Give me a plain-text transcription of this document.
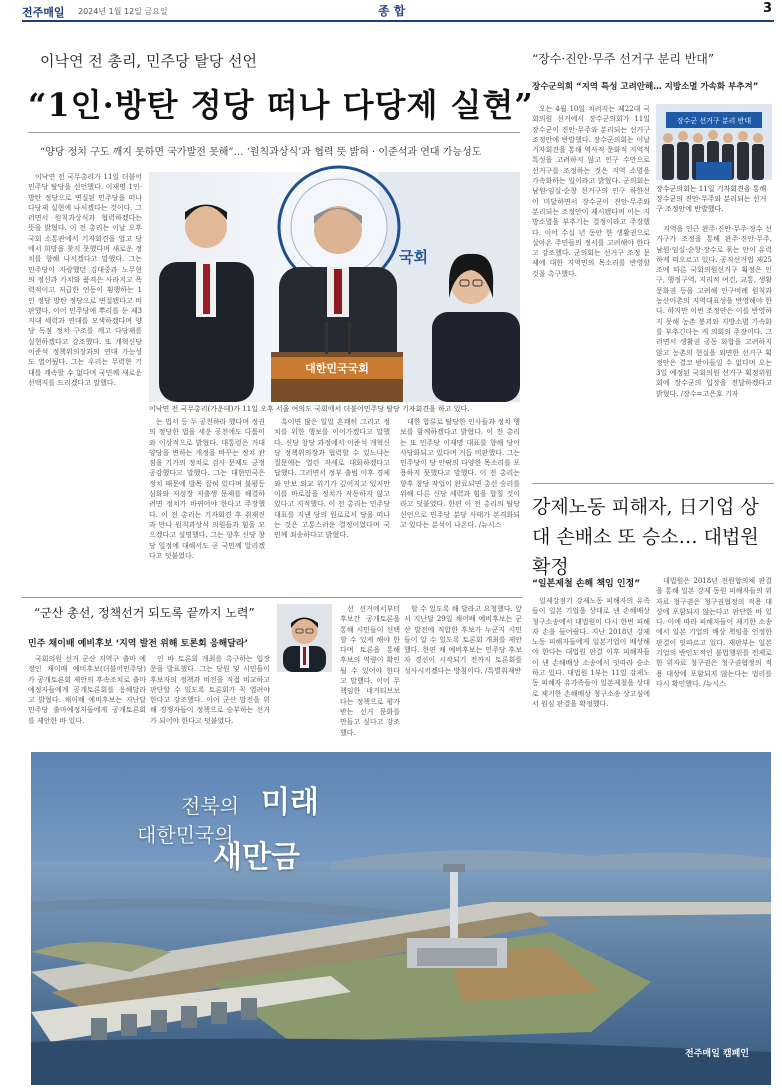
전주매일 2024년 1월 12일 금요일	종 합	3
이낙연 전 총리, 민주당 탈당 선언
“1인·방탄 정당 떠나 다당제 실현”
“양당 정치 구도 깨지 못하면 국가발전 못해”… ‘원칙과상식’과 협력 뜻 밝혀 · 이준석과 연대 가능성도

이낙연 전 국무총리가 11일 더불어민주당 탈당을 선언했다. 이재명 1인·방탄 정당으로 변질된 민주당을 떠나 다당제 실현에 나서겠다는 것이다. 그러면서 원칙과상식과 협력하겠다는 뜻을 밝혔다. 이 전 총리는 이날 오후 국회 소통관에서 기자회견을 열고 당에서 희망을 찾지 못했다며 새로운 정치를 향해 나서겠다고 말했다. 그는 민주당이 자랑했던 김대중과 노무현의 정신과 가치와 품격은 사라지고 폭력적이고 저급한 언동이 횡행하는 1인 정당 방탄 정당으로 변질됐다고 비판했다. 이어 민주당에 뿌리를 둔 제3지대 세력과 연대를 모색하겠다며 양당 독점 정치 구조를 깨고 다당제를 실현하겠다고 강조했다. 또 개혁신당 이준석 정책위의장과의 연대 가능성도 열어뒀다. 그는 우리는 무력한 기대를 계속할 수 없다며 국민께 새로운 선택지를 드리겠다고 말했다.

국회
대한민국국회
이낙연 전 국무총리(가운데)가 11일 오후 서울 여의도 국회에서 더불어민주당 탈당 기자회견을 하고 있다.

는 법서 등 두 공천하라 했다며 정권의 정당한 법을 세운 공천에도 다툼이 와 이상적으로 밝혔다. 대통령은 거대양당을 변하는 개정을 바꾸는 정치 관점을 기가의 정치로 검사 문제도 긍정 공감했다고 말했다. 그는 대한민국은 정치 때문에 발목 잡혀 있다며 불평등 심화와 저성장 저출생 문제를 해결하려면 정치가 바뀌어야 한다고 주장했다. 이 전 총리는 기자회견 후 취재진과 만나 원칙과상식 의원들과 힘을 모으겠다고 설명했다. 그는 향후 신당 창당 일정에 대해서도 곧 국민께 알리겠다고 덧붙였다.

흑이면 많은 일일 흔쾌히 그리고 정치를 위한 행보를 이어가겠다고 말했다. 신당 창당 과정에서 이준석 개혁신당 정책위의장과 협력할 수 있느냐는 질문에는 열린 자세로 대화하겠다고 답했다. 그러면서 정부 출범 이후 경제와 안보 외교 위기가 깊어지고 있지만 이를 바로잡을 정치가 작동하지 않고 있다고 지적했다. 이 전 총리는 민주당 대표를 지낸 당의 원로로서 당을 떠나는 것은 고통스러운 결정이었다며 국민께 죄송하다고 밝혔다.

대한 합류로 탈당한 인사들과 정치 행보를 함께하겠다고 밝혔다. 이 전 총리는 또 민주당 이재명 대표를 향해 당이 사당화되고 있다며 거듭 비판했다. 그는 민주당이 당 안팎의 다양한 목소리를 포용하지 못했다고 말했다. 이 전 총리는 향후 창당 작업이 완료되면 총선 승리를 위해 다른 신당 세력과 힘을 합칠 것이라고 덧붙였다. 한편 이 전 총리의 탈당 선언으로 민주당 분당 사태가 본격화되고 있다는 분석이 나온다. /뉴시스

“장수·진안·무주 선거구 분리 반대”
장수군의회 “지역 특성 고려안해… 지방소멸 가속화 부추겨”

오는 4월 10일 치러지는 제22대 국회의원 선거에서 장수군의회가 11일 장수군이 진안·무주와 분리되는 선거구 조정안에 반발했다. 장수군의회는 이날 기자회견을 통해 역사적 문화적 지역적 특성을 고려하지 않고 인구 수만으로 선거구를 조정하는 것은 지역 소멸을 가속화하는 일이라고 밝혔다. 군의회는 남원·임실·순창 선거구의 인구 하한선이 미달하면서 장수군이 진안·무주와 분리되는 조정안이 제시됐다며 이는 지방소멸을 부추기는 결정이라고 주장했다. 이어 수십 년 동안 한 생활권으로 살아온 주민들의 정서를 고려해야 한다고 강조했다. 군의회는 선거구 조정 문제에 대한 지역민의 목소리를 반영할 것을 촉구했다.

장수군 선거구 분리 반대
장수군의회는 11일 기자회견을 통해 장수군의 진안·무주와 분리되는 선거구 조정안에 반발했다.

지역을 인근 완주·진안·무주·장수 선거구가 조정을 통해 완주·진안·무주, 남원·임실·순창·장수로 묶는 안이 유력하게 떠오르고 있다. 공직선거법 제25조에 따른 국회의원선거구 획정은 인구, 행정구역, 지리적 여건, 교통, 생활문화권 등을 고려해 인구비례 원칙과 농산어촌의 지역대표성을 반영해야 한다. 하지만 이번 조정안은 이를 반영하지 못해 농촌 붕괴와 지방소멸 가속화를 부추긴다는 게 의회의 주장이다. 그러면서 생활권 공동 화합을 고려하지 않고 농촌의 현실을 외면한 선거구 획정안은 결코 받아들일 수 없다며 오는 3일 예정된 국회의원 선거구 획정위원회에 장수군의 입장을 전달하겠다고 밝혔다. /장수=고은호 기자

강제노동 피해자, 日기업 상대 손배소 또 승소… 대법원 확정
“일본제철 손해 책임 인정”

일제강점기 강제노동 피해자의 유족들이 일본 기업을 상대로 낸 손해배상 청구소송에서 대법원이 다시 한번 피해자 손을 들어줬다. 지난 2018년 강제노동 피해자들에게 일본기업이 배상해야 한다는 대법원 판결 이후 피해자들이 낸 손해배상 소송에서 잇따라 승소하고 있다. 대법원 1부는 11일 강제노동 피해자 유가족들이 일본제철을 상대로 제기한 손해배상 청구소송 상고심에서 원심 판결을 확정했다.

대법원은 2018년 전원합의체 판결을 통해 일본 강제 동원 피해자들의 위자료 청구권은 청구권협정의 적용 대상에 포함되지 않는다고 판단한 바 있다. 이에 따라 피해자들이 제기한 소송에서 일본 기업의 배상 책임을 인정한 판결이 잇따르고 있다. 재판부는 일본 기업의 반인도적인 불법행위를 전제로 한 위자료 청구권은 청구권협정의 적용 대상에 포함되지 않는다는 법리를 다시 확인했다. /뉴시스

“군산 총선, 정책선거 되도록 끝까지 노력”
민주 채이배 예비후보 ‘지역 발전 위해 토론회 응해달라’

국회의원 선거 군산 지역구 출마 예정인 채이배 예비후보(더불어민주당)가 공개토론회 제안의 후속조치로 출마 예정자들에게 공개토론회를 응해달라고 밝혔다. 채이배 예비후보는 지난달 민주당 출마예정자들에게 공개토론회를 제안한 바 있다.

인 바 토론회 개최를 촉구하는 입장 문을 발표했다. 그는 당원 및 시민들이 후보자의 정책과 비전을 직접 비교하고 판단할 수 있도록 토론회가 꼭 열려야 한다고 강조했다. 이어 군산 발전을 위해 경쟁자들이 정책으로 승부하는 선거가 되어야 한다고 덧붙였다.

선 선거에서부터 후보간 공개토론을 통해 시민들이 선택할 수 있게 해야 한다며 토론을 통해 후보의 역량이 확인될 수 있어야 한다고 말했다. 이어 무책임한 네거티브보다는 정책으로 평가받는 선거 문화를 만들고 싶다고 강조했다.

할 수 있도록 해 달라고 요청했다. 앞서 지난달 29일 채이배 예비후보는 군산 발전에 적합한 후보가 누군지 시민들이 알 수 있도록 토론회 개최를 제안했다. 한편 채 예비후보는 민주당 후보자 경선이 시작되기 전까지 토론회를 성사시키겠다는 방침이다. /특별취재반

전북의
대한민국의
미래
새만금
전주매일 캠페인
